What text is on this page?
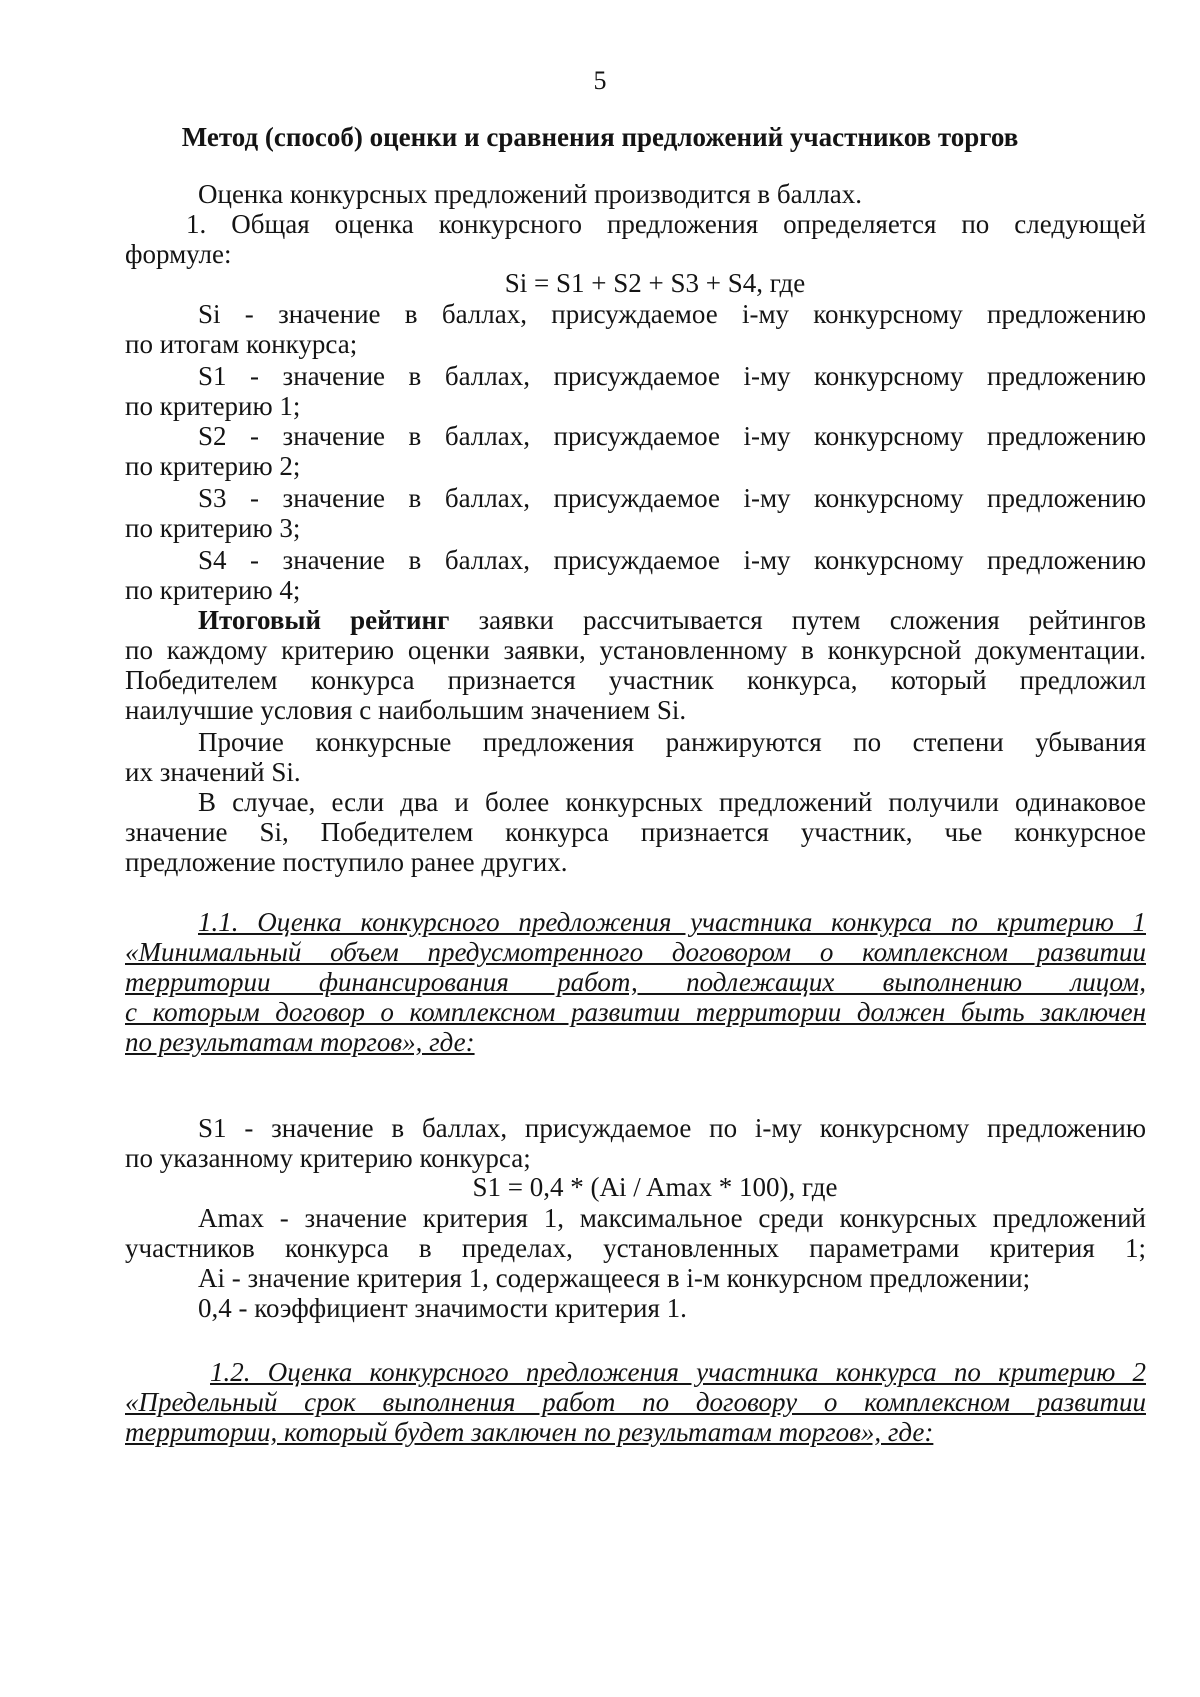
5
Метод (способ) оценки и сравнения предложений участников торгов

Оценка конкурсных предложений производится в баллах.

1. Общая оценка конкурсного предложения определяется по следующей

формуле:

Si = S1 + S2 + S3 + S4, где

Si - значение в баллах, присуждаемое i-му конкурсному предложению

по итогам конкурса;

S1 - значение в баллах, присуждаемое i-му конкурсному предложению

по критерию 1;

S2 - значение в баллах, присуждаемое i-му конкурсному предложению

по критерию 2;

S3 - значение в баллах, присуждаемое i-му конкурсному предложению

по критерию 3;

S4 - значение в баллах, присуждаемое i-му конкурсному предложению

по критерию 4;

Итоговый рейтинг заявки рассчитывается путем сложения рейтингов

по каждому критерию оценки заявки, установленному в конкурсной документации.

Победителем конкурса признается участник конкурса, который предложил

наилучшие условия с наибольшим значением Si.

Прочие конкурсные предложения ранжируются по степени убывания

их значений Si.

В случае, если два и более конкурсных предложений получили одинаковое

значение Si, Победителем конкурса признается участник, чье конкурсное

предложение поступило ранее других.

1.1. Оценка конкурсного предложения участника конкурса по критерию 1

«Минимальный объем предусмотренного договором о комплексном развитии

территории финансирования работ, подлежащих выполнению лицом,

с которым договор о комплексном развитии территории должен быть заключен

по результатам торгов», где:

S1 - значение в баллах, присуждаемое по i-му конкурсному предложению

по указанному критерию конкурса;

S1 = 0,4 * (Ai / Amax * 100), где

Amax - значение критерия 1, максимальное среди конкурсных предложений

участников конкурса в пределах, установленных параметрами критерия 1;

Ai - значение критерия 1, содержащееся в i-м конкурсном предложении;

0,4 - коэффициент значимости критерия 1.

1.2. Оценка конкурсного предложения участника конкурса по критерию 2

«Предельный срок выполнения работ по договору о комплексном развитии

территории, который будет заключен по результатам торгов», где:
